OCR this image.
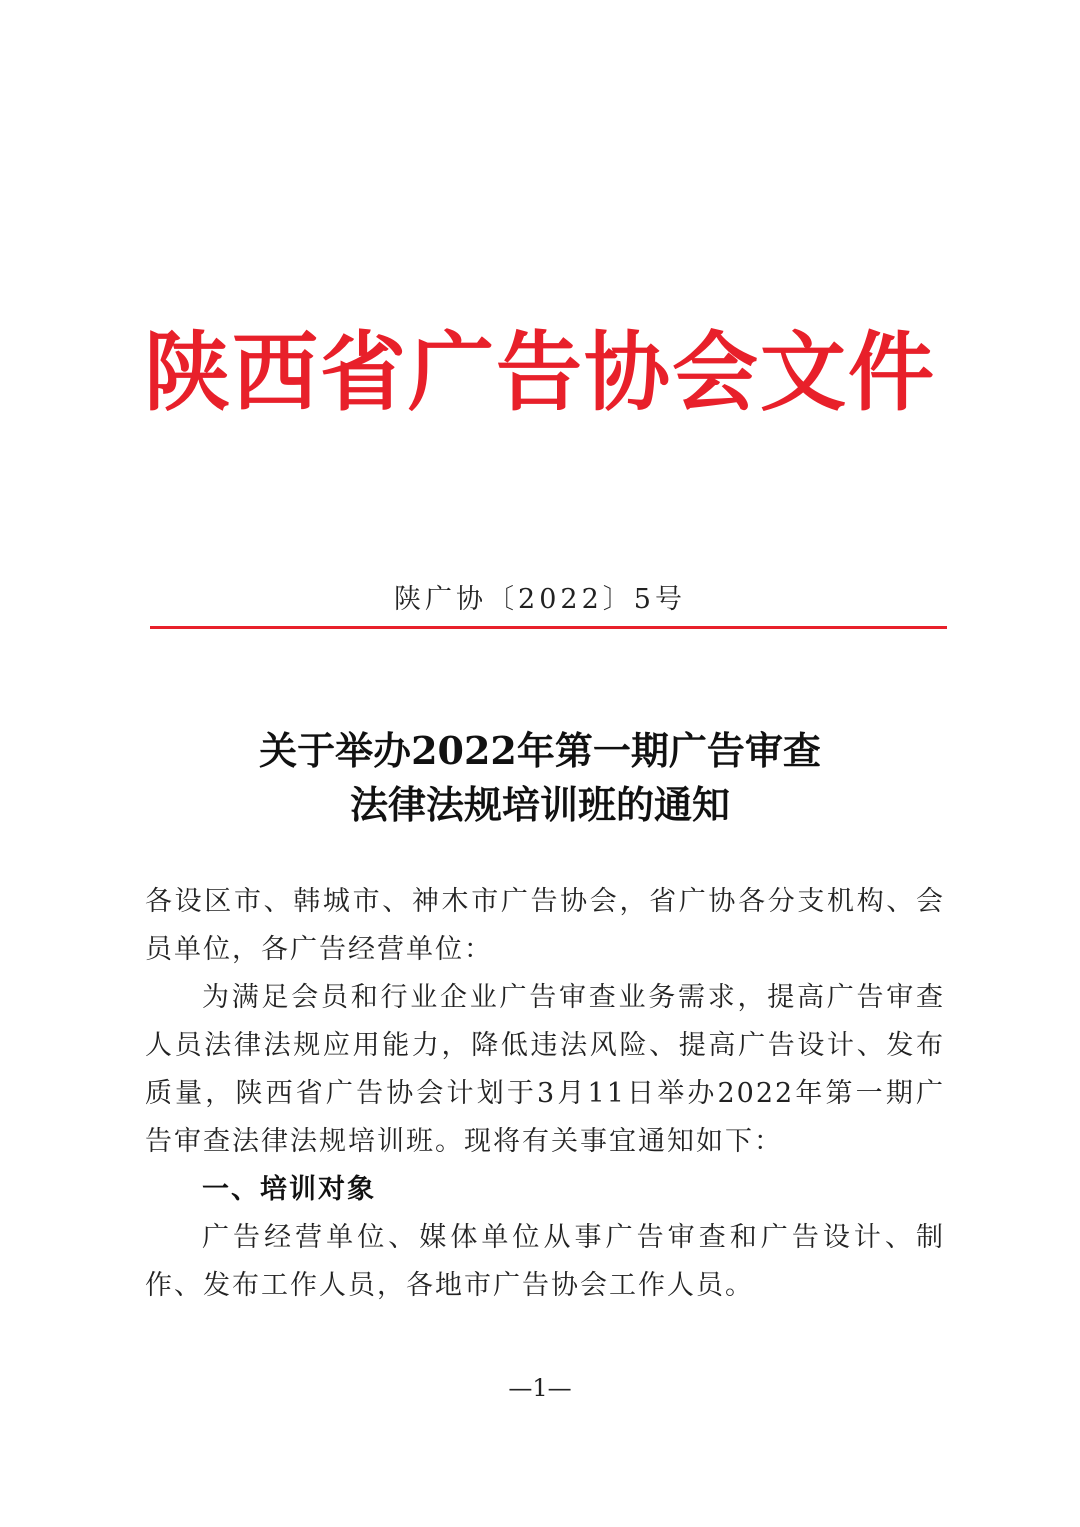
陕西省广告协会文件
陕广协〔2022〕5号
关于举办2022年第一期广告审查
法律法规培训班的通知
各设区市、韩城市、神木市广告协会，省广协各分支机构、会员单位，各广告经营单位：
为满足会员和行业企业广告审查业务需求，提高广告审查人员法律法规应用能力，降低违法风险、提高广告设计、发布质量，陕西省广告协会计划于3月11日举办2022年第一期广告审查法律法规培训班。现将有关事宜通知如下：
一、培训对象
广告经营单位、媒体单位从事广告审查和广告设计、制作、发布工作人员，各地市广告协会工作人员。
—1—
